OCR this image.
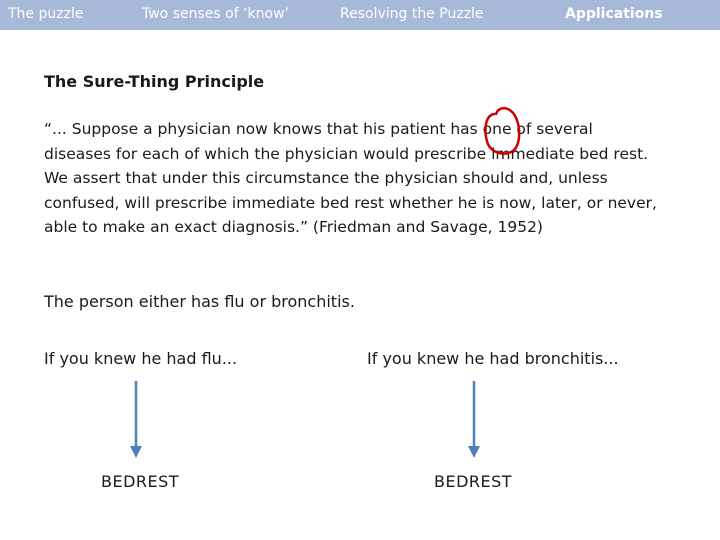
The puzzle	Two senses of ‘know’	Resolving the Puzzle	Applications
The Sure-Thing Principle
“... Suppose a physician now knows that his patient has one of several diseases for each of which the physician would prescribe immediate bed rest. We assert that under this circumstance the physician should and, unless confused, will prescribe immediate bed rest whether he is now, later, or never, able to make an exact diagnosis.” (Friedman and Savage, 1952)
The person either has flu or bronchitis.
If you knew he had flu...	If you knew he had bronchitis...
BEDREST	BEDREST
